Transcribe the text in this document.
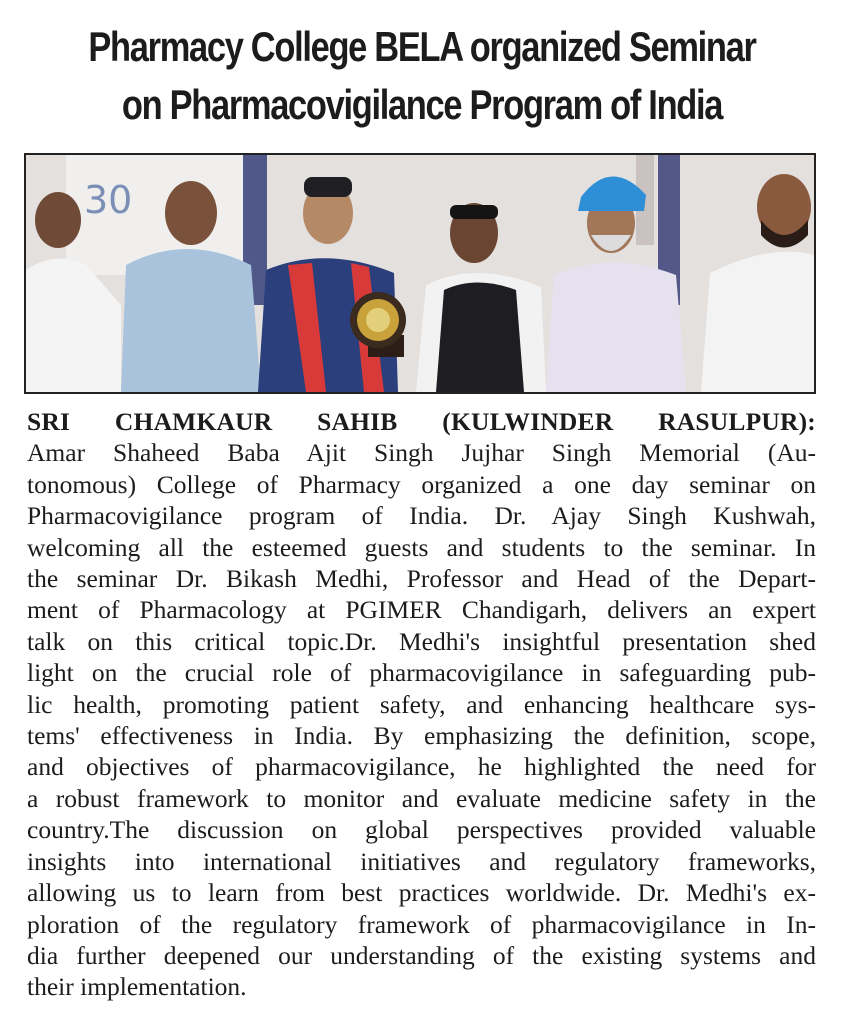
Pharmacy College BELA organized Seminar
on Pharmacovigilance Program of India
30
SRI CHAMKAUR SAHIB (KULWINDER RASULPUR):
Amar Shaheed Baba Ajit Singh Jujhar Singh Memorial (Au-
tonomous) College of Pharmacy organized a one day seminar on
Pharmacovigilance program of India. Dr. Ajay Singh Kushwah,
welcoming all the esteemed guests and students to the seminar. In
the seminar Dr. Bikash Medhi, Professor and Head of the Depart-
ment of Pharmacology at PGIMER Chandigarh, delivers an expert
talk on this critical topic.Dr. Medhi's insightful presentation shed
light on the crucial role of pharmacovigilance in safeguarding pub-
lic health, promoting patient safety, and enhancing healthcare sys-
tems' effectiveness in India. By emphasizing the definition, scope,
and objectives of pharmacovigilance, he highlighted the need for
a robust framework to monitor and evaluate medicine safety in the
country.The discussion on global perspectives provided valuable
insights into international initiatives and regulatory frameworks,
allowing us to learn from best practices worldwide. Dr. Medhi's ex-
ploration of the regulatory framework of pharmacovigilance in In-
dia further deepened our understanding of the existing systems and
their implementation.
